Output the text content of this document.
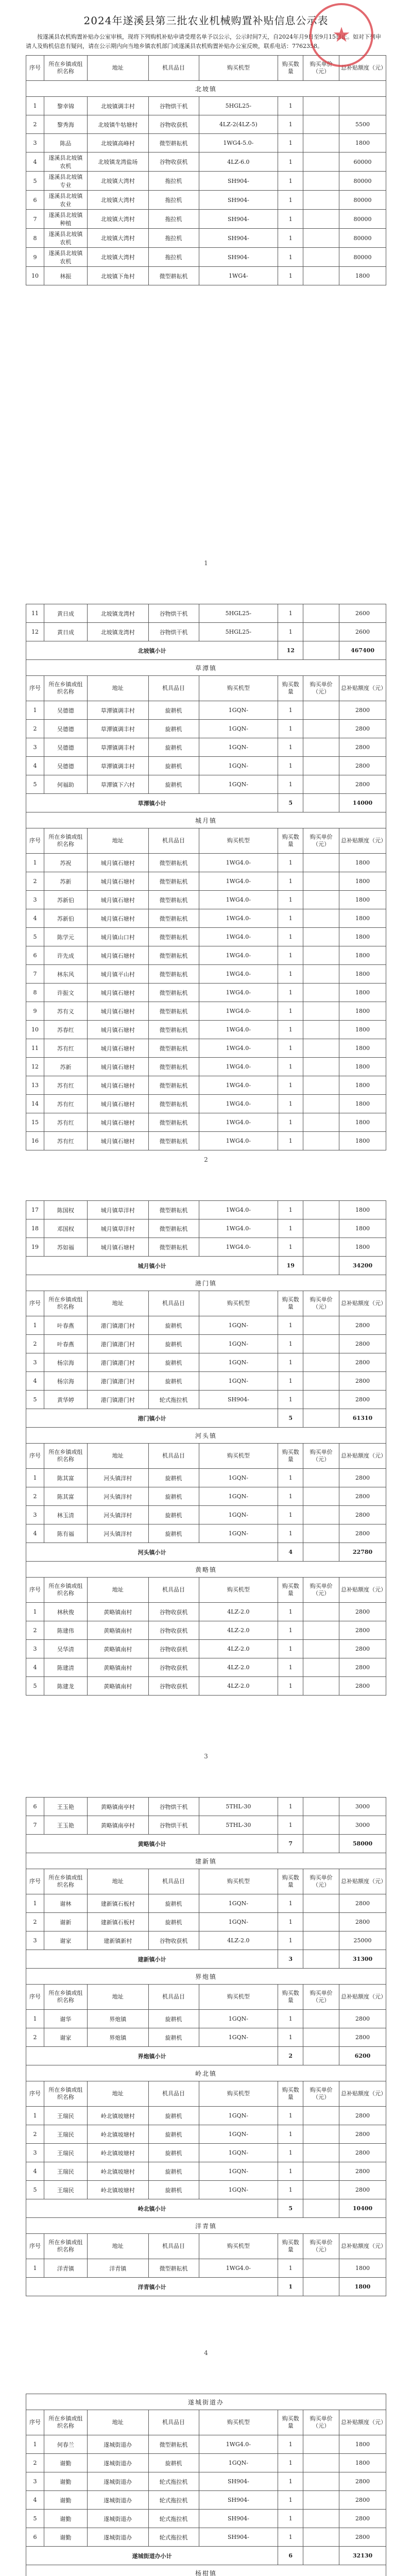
★
2024年遂溪县第三批农业机械购置补贴信息公示表

按遂溪县农机购置补贴办公室审核，现将下列购机补贴申请受理名单予以公示，公示时间7天，自2024年月9日至9月15日止。如对下列申请人及购机信息有疑问，请在公示期内向当地乡镇农机部门或遂溪县农机购置补贴办公室反映，联系电话：7762358。

序号	所在乡镇或组织名称	地址	机具品目	购买机型	购买数量	购买单价（元）	总补贴额度（元）
北坡镇							
1	黎幸锦	北坡镇调丰村	谷物烘干机	5HGL25-	1		
2	黎秀海	北坡镇牛牯塘村	谷物收获机	4LZ-2(4LZ-5)	1		5500
3	陈品	北坡镇高峰村	微型耕耘机	1WG4-5.0-	1		1800
4	遂溪县北坡镇农机	北坡镇龙湾盐场	谷物收获机	4LZ-6.0	1		60000
5	遂溪县北坡镇专业	北坡镇大湾村	拖拉机	SH904-	1		80000
6	遂溪县北坡镇农业	北坡镇大湾村	拖拉机	SH904-	1		80000
7	遂溪县北坡镇种植	北坡镇大湾村	拖拉机	SH904-	1		80000
8	遂溪县北坡镇农机	北坡镇大湾村	拖拉机	SH904-	1		80000
9	遂溪县北坡镇农机	北坡镇大湾村	拖拉机	SH904-	1		80000
10	林振	北坡镇下角村	微型耕耘机	1WG4-	1		1800
1
11	黄日成	北坡镇龙湾村	谷物烘干机	5HGL25-	1		2600
12	黄日成	北坡镇龙湾村	谷物烘干机	5HGL25-	1		2600
北坡镇小计					12		467400
草潭镇							
序号	所在乡镇或组织名称	地址	机具品目	购买机型	购买数量	购买单价（元）	总补贴额度（元）
1	吴德德	草潭镇调丰村	旋耕机	1GQN-	1		2800
2	吴德德	草潭镇调丰村	旋耕机	1GQN-	1		2800
3	吴德德	草潭镇调丰村	旋耕机	1GQN-	1		2800
4	吴德德	草潭镇调丰村	旋耕机	1GQN-	1		2800
5	何福助	草潭镇下六村	旋耕机	1GQN-	1		2800
草潭镇小计					5		14000
城月镇							
序号	所在乡镇或组织名称	地址	机具品目	购买机型	购买数量	购买单价（元）	总补贴额度（元）
1	苏祝	城月镇石塘村	微型耕耘机	1WG4.0-	1		1800
2	苏新	城月镇石塘村	微型耕耘机	1WG4.0-	1		1800
3	苏新伯	城月镇石塘村	微型耕耘机	1WG4.0-	1		1800
4	苏新伯	城月镇石塘村	微型耕耘机	1WG4.0-	1		1800
5	陈学元	城月镇山口村	微型耕耘机	1WG4.0-	1		1800
6	许先成	城月镇石塘村	微型耕耘机	1WG4.0-	1		1800
7	林东风	城月镇平山村	微型耕耘机	1WG4.0-	1		1800
8	许振文	城月镇石塘村	微型耕耘机	1WG4.0-	1		1800
9	苏有义	城月镇石塘村	微型耕耘机	1WG4.0-	1		1800
10	苏春红	城月镇石塘村	微型耕耘机	1WG4.0-	1		1800
11	苏有红	城月镇石塘村	微型耕耘机	1WG4.0-	1		1800
12	苏新	城月镇石塘村	微型耕耘机	1WG4.0-	1		1800
13	苏有红	城月镇石塘村	微型耕耘机	1WG4.0-	1		1800
14	苏有红	城月镇石塘村	微型耕耘机	1WG4.0-	1		1800
15	苏有红	城月镇石塘村	微型耕耘机	1WG4.0-	1		1800
16	苏有红	城月镇石塘村	微型耕耘机	1WG4.0-	1		1800
2
17	陈国权	城月镇草洋村	微型耕耘机	1WG4.0-	1		1800
18	邓国权	城月镇草洋村	微型耕耘机	1WG4.0-	1		1800
19	苏如福	城月镇石塘村	微型耕耘机	1WG4.0-	1		1800
城月镇小计					19		34200
港门镇							
序号	所在乡镇或组织名称	地址	机具品目	购买机型	购买数量	购买单价（元）	总补贴额度（元）
1	叶春燕	港门镇港门村	旋耕机	1GQN-	1		2800
2	叶春燕	港门镇港门村	旋耕机	1GQN-	1		2800
3	杨宗海	港门镇港门村	旋耕机	1GQN-	1		2800
4	杨宗海	港门镇港门村	旋耕机	1GQN-	1		2800
5	黄华婷	港门镇港门村	轮式拖拉机	SH904-	1		2800
港门镇小计					5		61310
河头镇							
序号	所在乡镇或组织名称	地址	机具品目	购买机型	购买数量	购买单价（元）	总补贴额度（元）
1	陈其富	河头镇洋村	旋耕机	1GQN-	1		2800
2	陈其富	河头镇洋村	旋耕机	1GQN-	1		2800
3	林玉清	河头镇洋村	旋耕机	1GQN-	1		2800
4	陈有福	河头镇洋村	旋耕机	1GQN-	1		2800
河头镇小计					4		22780
黄略镇							
序号	所在乡镇或组织名称	地址	机具品目	购买机型	购买数量	购买单价（元）	总补贴额度（元）
1	林秋俊	黄略镇南村	谷物收获机	4LZ-2.0	1		2800
2	陈建伟	黄略镇南村	谷物收获机	4LZ-2.0	1		2800
3	吴华清	黄略镇南村	谷物收获机	4LZ-2.0	1		2800
4	陈建清	黄略镇南村	谷物收获机	4LZ-2.0	1		2800
5	陈建龙	黄略镇南村	谷物收获机	4LZ-2.0	1		2800
3
6	王玉艳	黄略镇南亭村	谷物烘干机	5THL-30	1		3000
7	王玉艳	黄略镇南亭村	谷物烘干机	5THL-30	1		3000
黄略镇小计					7		58000
建新镇							
序号	所在乡镇或组织名称	地址	机具品目	购买机型	购买数量	购买单价（元）	总补贴额度（元）
1	谢林	建新镇石板村	旋耕机	1GQN-	1		2800
2	谢新	建新镇石板村	旋耕机	1GQN-	1		2800
3	谢家	建新镇新村	谷物收获机	4LZ-2.0	1		25000
建新镇小计					3		31300
界炮镇							
序号	所在乡镇或组织名称	地址	机具品目	购买机型	购买数量	购买单价（元）	总补贴额度（元）
1	谢华	界炮镇	旋耕机	1GQN-	1		2800
2	谢家	界炮镇	旋耕机	1GQN-	1		2800
界炮镇小计					2		6200
岭北镇							
序号	所在乡镇或组织名称	地址	机具品目	购买机型	购买数量	购买单价（元）	总补贴额度（元）
1	王瑞民	岭北镇坡塘村	旋耕机	1GQN-	1		2800
2	王瑞民	岭北镇坡塘村	旋耕机	1GQN-	1		2800
3	王瑞民	岭北镇坡塘村	旋耕机	1GQN-	1		2800
4	王瑞民	岭北镇坡塘村	旋耕机	1GQN-	1		2800
5	王瑞民	岭北镇坡塘村	旋耕机	1GQN-	1		2800
岭北镇小计					5		10400
洋青镇							
序号	所在乡镇或组织名称	地址	机具品目	购买机型	购买数量	购买单价（元）	总补贴额度（元）
1	洋青镇	洋青镇	微型耕耘机	1WG4.0-	1		1800
洋青镇小计					1		1800
4
遂城街道办							
序号	所在乡镇或组织名称	地址	机具品目	购买机型	购买数量	购买单价（元）	总补贴额度（元）
1	何春兰	遂城街道办	微型耕耘机	1WG4.0-	1		1800
2	谢勤	遂城街道办	旋耕机	1GQN-	1		1800
3	谢勤	遂城街道办	轮式拖拉机	SH904-	1		2800
4	谢勤	遂城街道办	轮式拖拉机	SH904-	1		2800
5	谢勤	遂城街道办	轮式拖拉机	SH904-	1		2800
6	谢勤	遂城街道办	轮式拖拉机	SH904-	1		2800
遂城街道办小计					6		32130
杨柑镇							
